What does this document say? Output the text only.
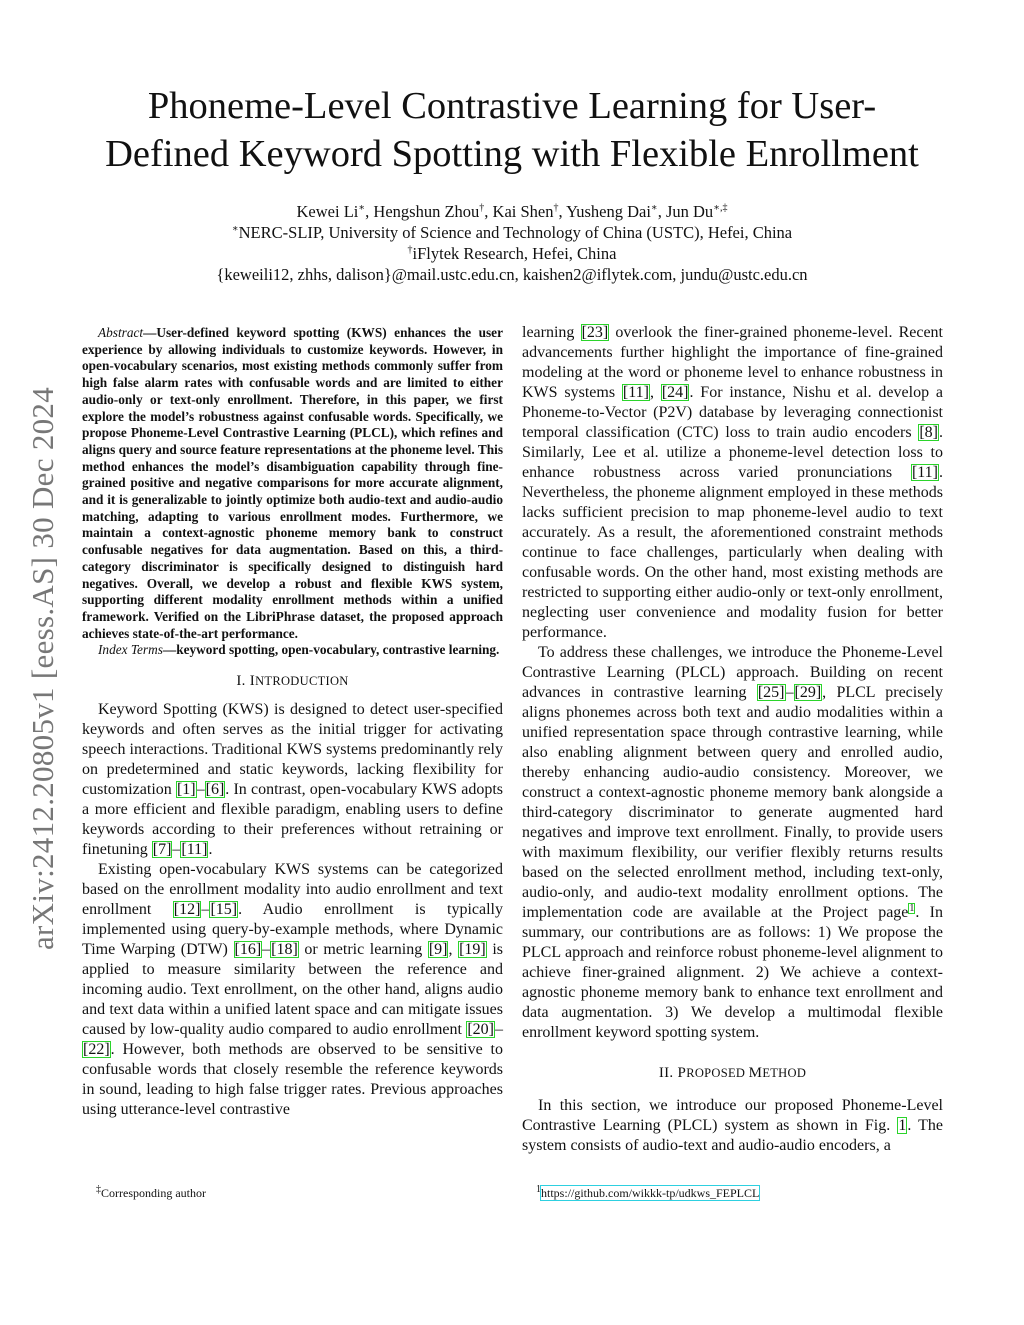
Phoneme-Level Contrastive Learning for User-
Defined Keyword Spotting with Flexible Enrollment
Kewei Li∗, Hengshun Zhou†, Kai Shen†, Yusheng Dai∗, Jun Du∗,‡
∗NERC-SLIP, University of Science and Technology of China (USTC), Hefei, China
†iFlytek Research, Hefei, China
{keweili12, zhhs, dalison}@mail.ustc.edu.cn, kaishen2@iflytek.com, jundu@ustc.edu.cn
arXiv:2412.20805v1 [eess.AS] 30 Dec 2024

Abstract—User-defined keyword spotting (KWS) enhances the user experience by allowing individuals to customize keywords. However, in open-vocabulary scenarios, most existing methods commonly suffer from high false alarm rates with confusable words and are limited to either audio-only or text-only enrollment. Therefore, in this paper, we first explore the model’s robustness against confusable words. Specifically, we propose Phoneme-Level Contrastive Learning (PLCL), which refines and aligns query and source feature representations at the phoneme level. This method enhances the model’s disambiguation capability through fine-grained positive and negative comparisons for more accurate alignment, and it is generalizable to jointly optimize both audio-text and audio-audio matching, adapting to various enrollment modes. Furthermore, we maintain a context-agnostic phoneme memory bank to construct confusable negatives for data augmentation. Based on this, a third-category discriminator is specifically designed to distinguish hard negatives. Overall, we develop a robust and flexible KWS system, supporting different modality enrollment methods within a unified framework. Verified on the LibriPhrase dataset, the proposed approach achieves state-of-the-art performance.

Index Terms—keyword spotting, open-vocabulary, contrastive learning.

I. INTRODUCTION

Keyword Spotting (KWS) is designed to detect user-specified keywords and often serves as the initial trigger for activating speech interactions. Traditional KWS systems predominantly rely on predetermined and static keywords, lacking flexibility for customization [1]–[6]. In contrast, open-vocabulary KWS adopts a more efficient and flexible paradigm, enabling users to define keywords according to their preferences without retraining or finetuning [7]–[11].

Existing open-vocabulary KWS systems can be categorized based on the enrollment modality into audio enrollment and text enrollment [12]–[15]. Audio enrollment is typically implemented using query-by-example methods, where Dynamic Time Warping (DTW) [16]–[18] or metric learning [9], [19] is applied to measure similarity between the reference and incoming audio. Text enrollment, on the other hand, aligns audio and text data within a unified latent space and can mitigate issues caused by low-quality audio compared to audio enrollment [20]–[22]. However, both methods are observed to be sensitive to confusable words that closely resemble the reference keywords in sound, leading to high false trigger rates. Previous approaches using utterance-level contrastive

learning [23] overlook the finer-grained phoneme-level. Recent advancements further highlight the importance of fine-grained modeling at the word or phoneme level to enhance robustness in KWS systems [11], [24]. For instance, Nishu et al. develop a Phoneme-to-Vector (P2V) database by leveraging connectionist temporal classification (CTC) loss to train audio encoders [8]. Similarly, Lee et al. utilize a phoneme-level detection loss to enhance robustness across varied pronunciations [11]. Nevertheless, the phoneme alignment employed in these methods lacks sufficient precision to map phoneme-level audio to text accurately. As a result, the aforementioned constraint methods continue to face challenges, particularly when dealing with confusable words. On the other hand, most existing methods are restricted to supporting either audio-only or text-only enrollment, neglecting user convenience and modality fusion for better performance.

To address these challenges, we introduce the Phoneme-Level Contrastive Learning (PLCL) approach. Building on recent advances in contrastive learning [25]–[29], PLCL precisely aligns phonemes across both text and audio modalities within a unified representation space through contrastive learning, while also enabling alignment between query and enrolled audio, thereby enhancing audio-audio consistency. Moreover, we construct a context-agnostic phoneme memory bank alongside a third-category discriminator to generate augmented hard negatives and improve text enrollment. Finally, to provide users with maximum flexibility, our verifier flexibly returns results based on the selected enrollment method, including text-only, audio-only, and audio-text modality enrollment options. The implementation code are available at the Project page$^1$. In summary, our contributions are as follows: 1) We propose the PLCL approach and reinforce robust phoneme-level alignment to achieve finer-grained alignment. 2) We achieve a context-agnostic phoneme memory bank to enhance text enrollment and data augmentation. 3) We develop a multimodal flexible enrollment keyword spotting system.

II. PROPOSED METHOD

In this section, we introduce our proposed Phoneme-Level Contrastive Learning (PLCL) system as shown in Fig. 1. The system consists of audio-text and audio-audio encoders, a

‡Corresponding author	$^1$https://github.com/wikkk-tp/udkws_FEPLCL
